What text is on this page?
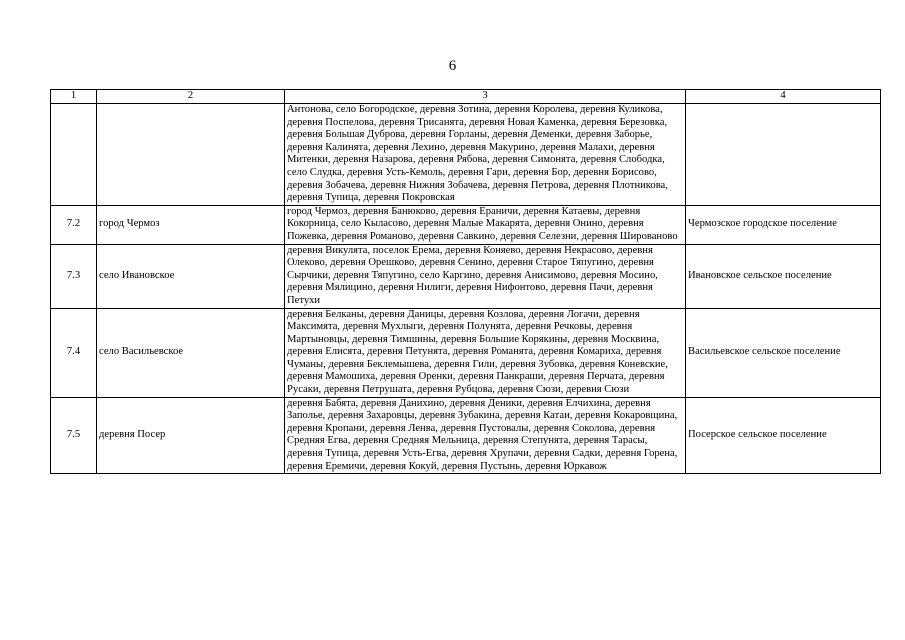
6
1	2	3	4
		Антонова, село Богородское, деревня Зотина, деревня Королева, деревня Куликова, деревня Поспелова, деревня Трисанята, деревня Новая Каменка, деревня Березовка, деревня Большая Дуброва, деревня Горланы, деревня Деменки, деревня Заборье, деревня Калинята, деревня Лехино, деревня Макурино, деревня Малахи, деревня Митенки, деревня Назарова, деревня Рябова, деревня Симонята, деревня Слободка, село Слудка, деревня Усть-Кемоль, деревня Гари, деревня Бор, деревня Борисово, деревня Зобачева, деревня Нижняя Зобачева, деревня Петрова, деревня Плотникова, деревня Тупица, деревня Покровская	
7.2	город Чермоз	город Чермоз, деревня Банюково, деревня Ераничи, деревня Катаевы, деревня Кокорница, село Кыласово, деревня Малые Макарята, деревня Онино, деревня Пожевка, деревня Романово, деревня Савкино, деревня Селезни, деревня Шированово	Чермозское городское поселение
7.3	село Ивановское	деревня Викулята, поселок Ерема, деревня Коняево, деревня Некрасово, деревня Олеково, деревня Орешково, деревня Сенино, деревня Старое Тяпугино, деревня Сырчики, деревня Тяпугино, село Каргино, деревня Анисимово, деревня Мосино, деревня Мялицино, деревня Нилиги, деревня Нифонтово, деревня Пачи, деревня Петухи	Ивановское сельское поселение
7.4	село Васильевское	деревня Белканы, деревня Даницы, деревня Козлова, деревня Логачи, деревня Максимята, деревня Мухлыги, деревня Полунята, деревня Речковы, деревня Мартыновцы, деревня Тимшины, деревня Большие Корякины, деревня Москвина, деревня Елисята, деревня Петунята, деревня Романята, деревня Комариха, деревня Чуманы, деревня Беклемышева, деревня Гили, деревня Зубовка, деревня Коневские, деревня Мамошиха, деревня Оренки, деревня Панкраши, деревня Перчата, деревня Русаки, деревня Петрушата, деревня Рубцова, деревня Сюзи, деревня Сюзи	Васильевское сельское поселение
7.5	деревня Посер	деревня Бабята, деревня Данихино, деревня Деники, деревня Елчихина, деревня Заполье, деревня Захаровцы, деревня Зубакина, деревня Катаи, деревня Кокаровщина, деревня Кропани, деревня Ленва, деревня Пустовалы, деревня Соколова, деревня Средняя Егва, деревня Средняя Мельница, деревня Степунята, деревня Тарасы, деревня Тупица, деревня Усть-Егва, деревня Хрупачи, деревня Садки, деревня Горена, деревня Еремичи, деревня Кокуй, деревня Пустынь, деревня Юркавож	Посерское сельское поселение
